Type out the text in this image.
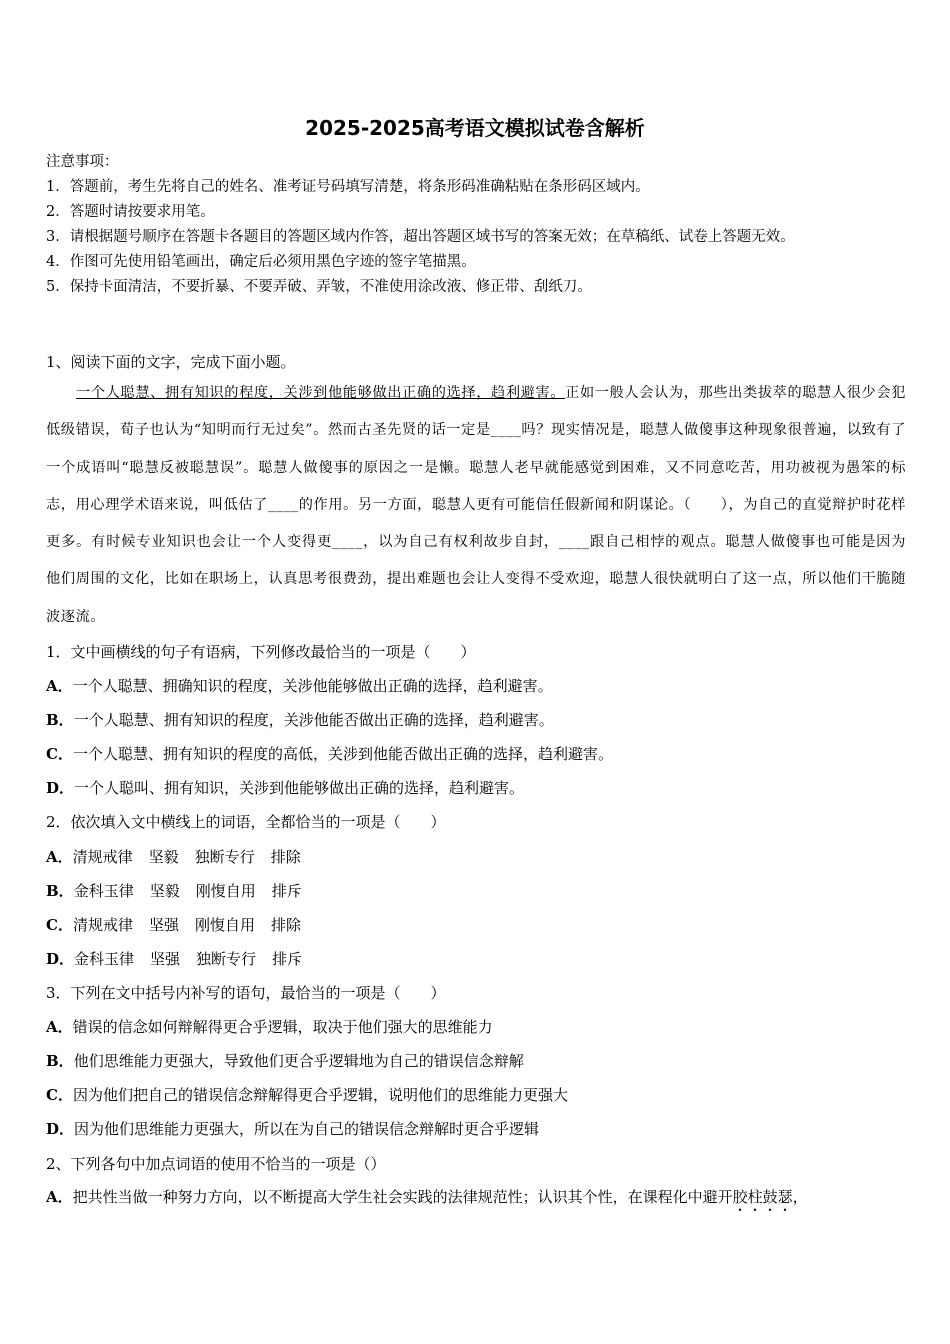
2025-2025高考语文模拟试卷含解析
注意事项：
1．答题前，考生先将自己的姓名、准考证号码填写清楚，将条形码准确粘贴在条形码区域内。
2．答题时请按要求用笔。
3．请根据题号顺序在答题卡各题目的答题区域内作答，超出答题区域书写的答案无效；在草稿纸、试卷上答题无效。
4．作图可先使用铅笔画出，确定后必须用黑色字迹的签字笔描黑。
5．保持卡面清洁，不要折暴、不要弄破、弄皱，不准使用涂改液、修正带、刮纸刀。
1、阅读下面的文字，完成下面小题。
一个人聪慧、拥有知识的程度，关涉到他能够做出正确的选择，趋利避害。正如一般人会认为，那些出类拔萃的聪慧人很少会犯低级错误，荀子也认为“知明而行无过矣”。然而古圣先贤的话一定是____吗？现实情况是，聪慧人做傻事这种现象很普遍，以致有了一个成语叫“聪慧反被聪慧误”。聪慧人做傻事的原因之一是懒。聪慧人老早就能感觉到困难，又不同意吃苦，用功被视为愚笨的标志，用心理学术语来说，叫低估了____的作用。另一方面，聪慧人更有可能信任假新闻和阴谋论。（　　），为自己的直觉辩护时花样更多。有时候专业知识也会让一个人变得更____，以为自己有权利故步自封，____跟自己相悖的观点。聪慧人做傻事也可能是因为他们周围的文化，比如在职场上，认真思考很费劲，提出难题也会让人变得不受欢迎，聪慧人很快就明白了这一点，所以他们干脆随波逐流。
1．文中画横线的句子有语病，下列修改最恰当的一项是（　　）
A．一个人聪慧、拥确知识的程度，关涉他能够做出正确的选择，趋利避害。
B．一个人聪慧、拥有知识的程度，关涉他能否做出正确的选择，趋利避害。
C．一个人聪慧、拥有知识的程度的高低，关涉到他能否做出正确的选择，趋利避害。
D．一个人聪叫、拥有知识，关涉到他能够做出正确的选择，趋利避害。
2．依次填入文中横线上的词语，全都恰当的一项是（　　）
A．清规戒律 坚毅 独断专行 排除
B．金科玉律 坚毅 刚愎自用 排斥
C．清规戒律 坚强 刚愎自用 排除
D．金科玉律 坚强 独断专行 排斥
3．下列在文中括号内补写的语句，最恰当的一项是（　　）
A．错误的信念如何辩解得更合乎逻辑，取决于他们强大的思维能力
B．他们思维能力更强大，导致他们更合乎逻辑地为自己的错误信念辩解
C．因为他们把自己的错误信念辩解得更合乎逻辑，说明他们的思维能力更强大
D．因为他们思维能力更强大，所以在为自己的错误信念辩解时更合乎逻辑
2、下列各句中加点词语的使用不恰当的一项是（）
A．把共性当做一种努力方向，以不断提高大学生社会实践的法律规范性；认识其个性，在课程化中避开胶柱鼓瑟，
